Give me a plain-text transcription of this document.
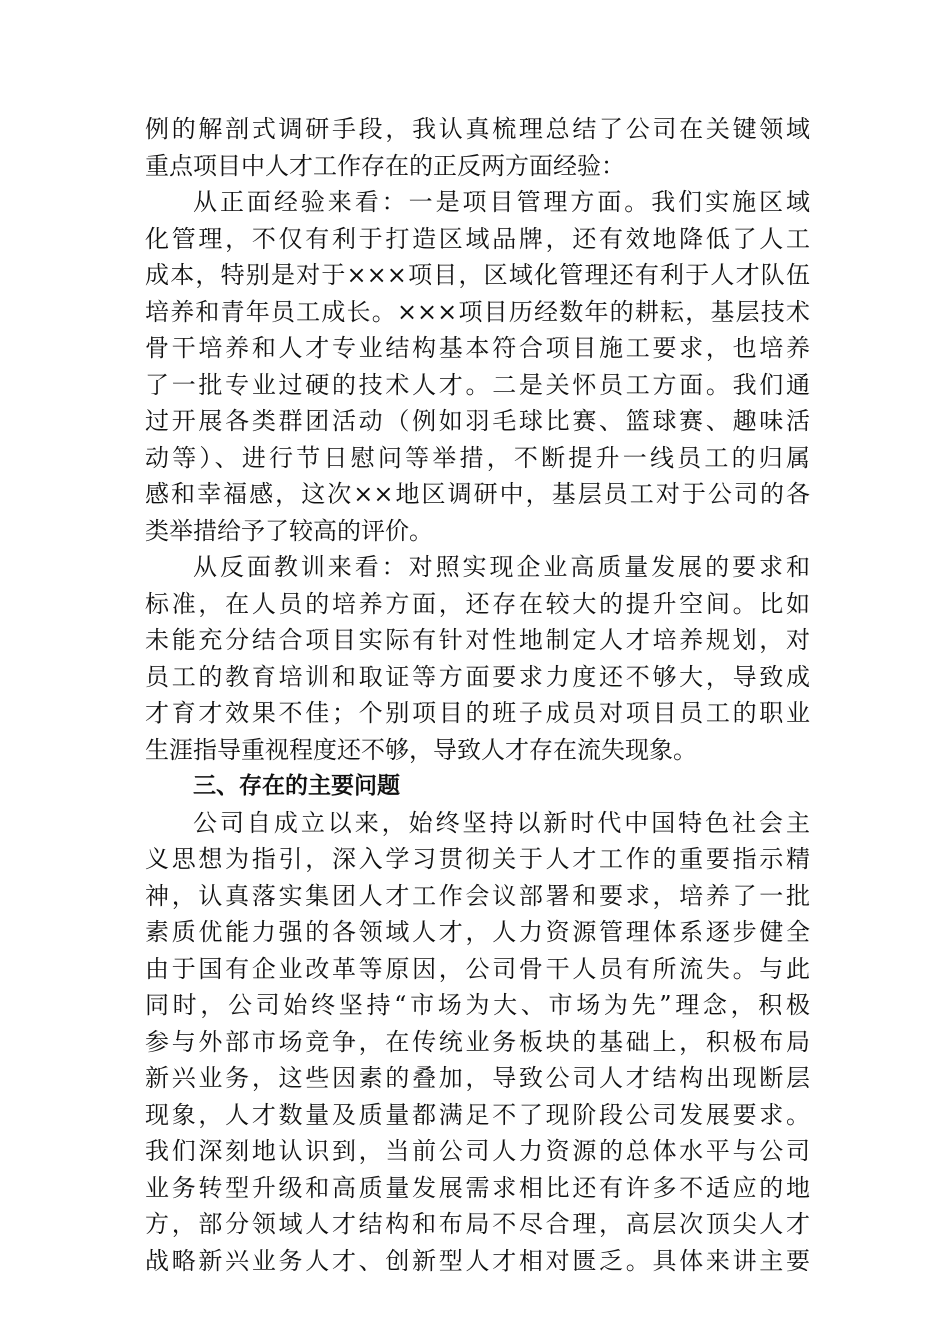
例的解剖式调研手段，我认真梳理总结了公司在关键领域
重点项目中人才工作存在的正反两方面经验：
从正面经验来看：一是项目管理方面。我们实施区域
化管理，不仅有利于打造区域品牌，还有效地降低了人工
成本，特别是对于×××项目，区域化管理还有利于人才队伍
培养和青年员工成长。×××项目历经数年的耕耘，基层技术
骨干培养和人才专业结构基本符合项目施工要求，也培养
了一批专业过硬的技术人才。二是关怀员工方面。我们通
过开展各类群团活动（例如羽毛球比赛、篮球赛、趣味活
动等）、进行节日慰问等举措，不断提升一线员工的归属
感和幸福感，这次××地区调研中，基层员工对于公司的各
类举措给予了较高的评价。
从反面教训来看：对照实现企业高质量发展的要求和
标准，在人员的培养方面，还存在较大的提升空间。比如
未能充分结合项目实际有针对性地制定人才培养规划，对
员工的教育培训和取证等方面要求力度还不够大，导致成
才育才效果不佳；个别项目的班子成员对项目员工的职业
生涯指导重视程度还不够，导致人才存在流失现象。
三、存在的主要问题
公司自成立以来，始终坚持以新时代中国特色社会主
义思想为指引，深入学习贯彻关于人才工作的重要指示精
神，认真落实集团人才工作会议部署和要求，培养了一批
素质优能力强的各领域人才，人力资源管理体系逐步健全
由于国有企业改革等原因，公司骨干人员有所流失。与此
同时，公司始终坚持“市场为大、市场为先”理念，积极
参与外部市场竞争，在传统业务板块的基础上，积极布局
新兴业务，这些因素的叠加，导致公司人才结构出现断层
现象，人才数量及质量都满足不了现阶段公司发展要求。
我们深刻地认识到，当前公司人力资源的总体水平与公司
业务转型升级和高质量发展需求相比还有许多不适应的地
方，部分领域人才结构和布局不尽合理，高层次顶尖人才
战略新兴业务人才、创新型人才相对匮乏。具体来讲主要
